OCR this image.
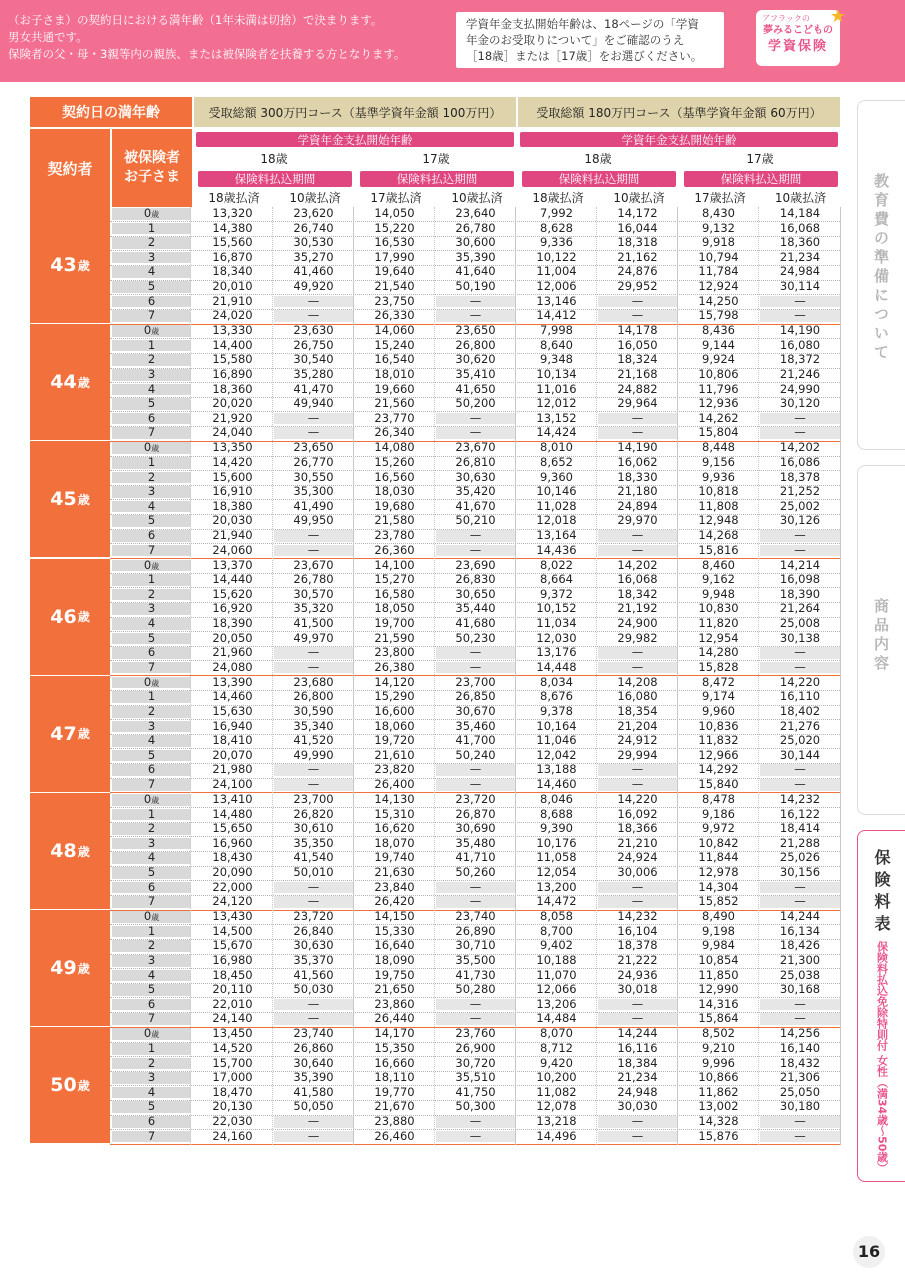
（お子さま）の契約日における満年齢（1年未満は切捨）で決まります。
男女共通です。
保険者の父・母・3親等内の親族、または被保険者を扶養する方となります。
学資年金支払開始年齢は、18ページの「学資
年金のお受取りについて」をご確認のうえ
［18歳］または［17歳］をお選びください。
アフラックの
夢みるこどもの
学資保険
★
契約日の満年齢	受取総額 300万円コース（基準学資年金額 100万円）	受取総額 180万円コース（基準学資年金額 60万円）
契約者
被保険者
お子さま
学資年金支払開始年齢	学資年金支払開始年齢
18歳	17歳	18歳	17歳
保険料払込期間	保険料払込期間	保険料払込期間	保険料払込期間
18歳払済	10歳払済	17歳払済	10歳払済	18歳払済	10歳払済	17歳払済	10歳払済
43 歳
0歳	13,320	23,620	14,050	23,640	7,992	14,172	8,430	14,184
1	14,380	26,740	15,220	26,780	8,628	16,044	9,132	16,068
2	15,560	30,530	16,530	30,600	9,336	18,318	9,918	18,360
3	16,870	35,270	17,990	35,390	10,122	21,162	10,794	21,234
4	18,340	41,460	19,640	41,640	11,004	24,876	11,784	24,984
5	20,010	49,920	21,540	50,190	12,006	29,952	12,924	30,114
6	21,910	—	23,750	—	13,146	—	14,250	—
7	24,020	—	26,330	—	14,412	—	15,798	—
44 歳
0歳	13,330	23,630	14,060	23,650	7,998	14,178	8,436	14,190
1	14,400	26,750	15,240	26,800	8,640	16,050	9,144	16,080
2	15,580	30,540	16,540	30,620	9,348	18,324	9,924	18,372
3	16,890	35,280	18,010	35,410	10,134	21,168	10,806	21,246
4	18,360	41,470	19,660	41,650	11,016	24,882	11,796	24,990
5	20,020	49,940	21,560	50,200	12,012	29,964	12,936	30,120
6	21,920	—	23,770	—	13,152	—	14,262	—
7	24,040	—	26,340	—	14,424	—	15,804	—
45 歳
0歳	13,350	23,650	14,080	23,670	8,010	14,190	8,448	14,202
1	14,420	26,770	15,260	26,810	8,652	16,062	9,156	16,086
2	15,600	30,550	16,560	30,630	9,360	18,330	9,936	18,378
3	16,910	35,300	18,030	35,420	10,146	21,180	10,818	21,252
4	18,380	41,490	19,680	41,670	11,028	24,894	11,808	25,002
5	20,030	49,950	21,580	50,210	12,018	29,970	12,948	30,126
6	21,940	—	23,780	—	13,164	—	14,268	—
7	24,060	—	26,360	—	14,436	—	15,816	—
46 歳
0歳	13,370	23,670	14,100	23,690	8,022	14,202	8,460	14,214
1	14,440	26,780	15,270	26,830	8,664	16,068	9,162	16,098
2	15,620	30,570	16,580	30,650	9,372	18,342	9,948	18,390
3	16,920	35,320	18,050	35,440	10,152	21,192	10,830	21,264
4	18,390	41,500	19,700	41,680	11,034	24,900	11,820	25,008
5	20,050	49,970	21,590	50,230	12,030	29,982	12,954	30,138
6	21,960	—	23,800	—	13,176	—	14,280	—
7	24,080	—	26,380	—	14,448	—	15,828	—
47 歳
0歳	13,390	23,680	14,120	23,700	8,034	14,208	8,472	14,220
1	14,460	26,800	15,290	26,850	8,676	16,080	9,174	16,110
2	15,630	30,590	16,600	30,670	9,378	18,354	9,960	18,402
3	16,940	35,340	18,060	35,460	10,164	21,204	10,836	21,276
4	18,410	41,520	19,720	41,700	11,046	24,912	11,832	25,020
5	20,070	49,990	21,610	50,240	12,042	29,994	12,966	30,144
6	21,980	—	23,820	—	13,188	—	14,292	—
7	24,100	—	26,400	—	14,460	—	15,840	—
48 歳
0歳	13,410	23,700	14,130	23,720	8,046	14,220	8,478	14,232
1	14,480	26,820	15,310	26,870	8,688	16,092	9,186	16,122
2	15,650	30,610	16,620	30,690	9,390	18,366	9,972	18,414
3	16,960	35,350	18,070	35,480	10,176	21,210	10,842	21,288
4	18,430	41,540	19,740	41,710	11,058	24,924	11,844	25,026
5	20,090	50,010	21,630	50,260	12,054	30,006	12,978	30,156
6	22,000	—	23,840	—	13,200	—	14,304	—
7	24,120	—	26,420	—	14,472	—	15,852	—
49 歳
0歳	13,430	23,720	14,150	23,740	8,058	14,232	8,490	14,244
1	14,500	26,840	15,330	26,890	8,700	16,104	9,198	16,134
2	15,670	30,630	16,640	30,710	9,402	18,378	9,984	18,426
3	16,980	35,370	18,090	35,500	10,188	21,222	10,854	21,300
4	18,450	41,560	19,750	41,730	11,070	24,936	11,850	25,038
5	20,110	50,030	21,650	50,280	12,066	30,018	12,990	30,168
6	22,010	—	23,860	—	13,206	—	14,316	—
7	24,140	—	26,440	—	14,484	—	15,864	—
50 歳
0歳	13,450	23,740	14,170	23,760	8,070	14,244	8,502	14,256
1	14,520	26,860	15,350	26,900	8,712	16,116	9,210	16,140
2	15,700	30,640	16,660	30,720	9,420	18,384	9,996	18,432
3	17,000	35,390	18,110	35,510	10,200	21,234	10,866	21,306
4	18,470	41,580	19,770	41,750	11,082	24,948	11,862	25,050
5	20,130	50,050	21,670	50,300	12,078	30,030	13,002	30,180
6	22,030	—	23,880	—	13,218	—	14,328	—
7	24,160	—	26,460	—	14,496	—	15,876	—
教育費の準備について
商品内容
保険料表
保険料払込免除特則付 女性（満34歳〜50歳）
16
